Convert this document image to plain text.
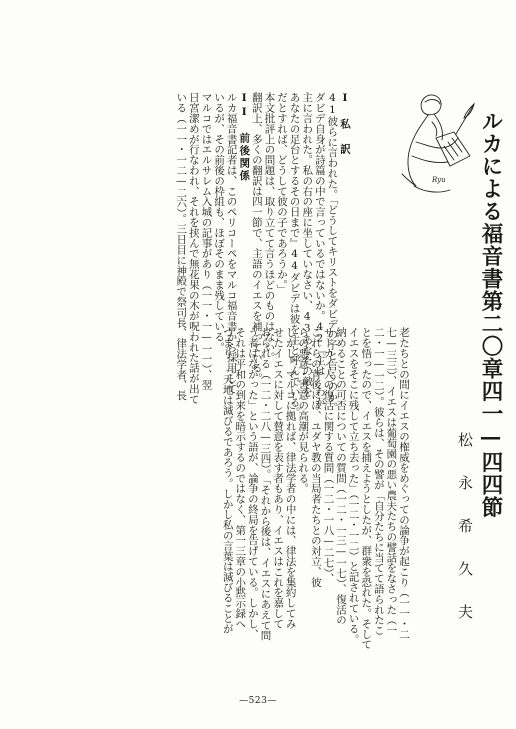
ルカによる福音書第二〇章四一—四四節
松 永 希 久 夫
Ryu

I　私　訳

41彼らに言われた。「どうしてキリストをダビデの子と言うのか。

ダビデ自身が詩篇の中で言っているではないか。42『主は　わが

主に言われた。私の右の座に坐していなさい、43あなたの敵を

あなたの足台とするその日まで』44ダビデは彼を主と呼んでいる。

だとすれば、どうして彼の子であろうか。」

本文批評上の問題は、取り立てて言うほどのものはない。

翻訳上、多くの翻訳は四一節で、主語のイエスを補っている。

II　前後関係

ルカ福音書記者は、このペリコーペをマルコ福音書から採用して

いるが、その前後の枠組も、ほぼそのまま残している。

マルコではエルサレム入城の記事があり（一一・一—一一）、翌

日宮潔めが行なわれ、それを挟んで無花果の木が呪われた話が出て

いる（一一・一二—二六）。三日目に神殿で祭司長、律法学者、長

老たちとの間にイエスの権威をめぐっての論争が起こり（一一・二

七—三三）、イエスは葡萄園の悪い農夫たちの譬話をなさった（一

二・一—一二）。彼らは、その譬が「自分たちに当てて語られたこ

とを悟ったので、イエスを捕えようとしたが、群衆を恐れた。そして

イエスをそこに残して立ち去った」（一二・一二）と記されている。

納めることの可否についての質問（一二・一三—一七）、復活の

サドカイ人の復活に関する質問（一二・一八—二七）、

これらの背後には、ユダヤ教の当局者たちとの対立、彼

らの悪意・害意の高潮が見られる。

しかし、マルコに拠れば、律法学者の中には、律法を集約してみ

せたイエスに対して賛意を表す者もあり、イエスはこれを嘉して

おられる（一二・二八—三四）。「それから後は、イエスにあえて問

う者はなかった」という語が、論争の終局を告げている。しかし、

それは平和の到来を暗示するのではなく、第一三章の小黙示録へ

つまり、「天地は滅びるであろう。しかし私の言葉は滅びることが

—523—
